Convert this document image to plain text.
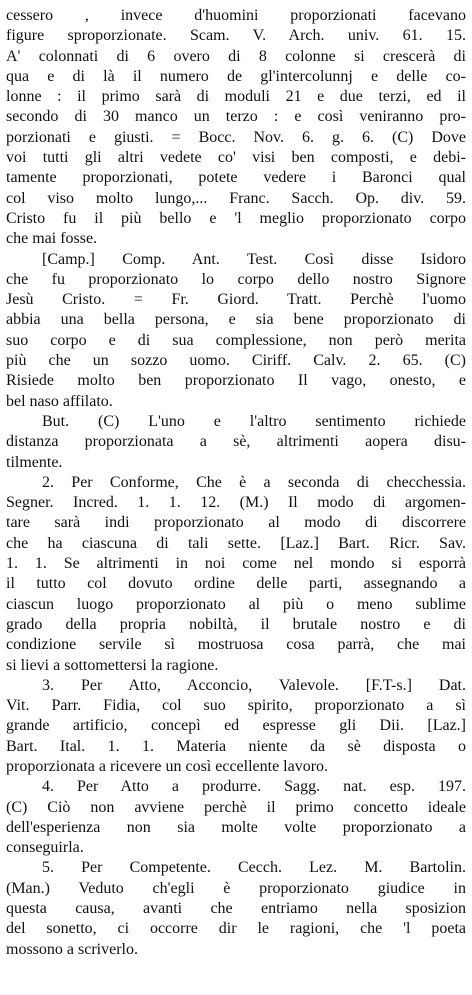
cessero , invece d'huomini proporzionati facevano
figure sproporzionate. Scam. V. Arch. univ. 61. 15.
A' colonnati di 6 overo di 8 colonne si crescerà di
qua e di là il numero de gl'intercolunnj e delle co-
lonne : il primo sarà di moduli 21 e due terzi, ed il
secondo di 30 manco un terzo : e così veniranno pro-
porzionati e giusti. = Bocc. Nov. 6. g. 6. (C) Dove
voi tutti gli altri vedete co' visi ben composti, e debi-
tamente proporzionati, potete vedere i Baronci qual
col viso molto lungo,... Franc. Sacch. Op. div. 59.
Cristo fu il più bello e 'l meglio proporzionato corpo
che mai fosse.
[Camp.] Comp. Ant. Test. Così disse Isidoro
che fu proporzionato lo corpo dello nostro Signore
Jesù Cristo. = Fr. Giord. Tratt. Perchè l'uomo
abbia una bella persona, e sia bene proporzionato di
suo corpo e di sua complessione, non però merita
più che un sozzo uomo. Ciriff. Calv. 2. 65. (C)
Risiede molto ben proporzionato Il vago, onesto, e
bel naso affilato.
But. (C) L'uno e l'altro sentimento richiede
distanza proporzionata a sè, altrimenti aopera disu-
tilmente.
2. Per Conforme, Che è a seconda di checchessia.
Segner. Incred. 1. 1. 12. (M.) Il modo di argomen-
tare sarà indi proporzionato al modo di discorrere
che ha ciascuna di tali sette. [Laz.] Bart. Ricr. Sav.
1. 1. Se altrimenti in noi come nel mondo si esporrà
il tutto col dovuto ordine delle parti, assegnando a
ciascun luogo proporzionato al più o meno sublime
grado della propria nobiltà, il brutale nostro e di
condizione servile sì mostruosa cosa parrà, che mai
si lievi a sottomettersi la ragione.
3. Per Atto, Acconcio, Valevole. [F.T-s.] Dat.
Vit. Parr. Fidia, col suo spirito, proporzionato a sì
grande artificio, concepì ed espresse gli Dii. [Laz.]
Bart. Ital. 1. 1. Materia niente da sè disposta o
proporzionata a ricevere un così eccellente lavoro.
4. Per Atto a produrre. Sagg. nat. esp. 197.
(C) Ciò non avviene perchè il primo concetto ideale
dell'esperienza non sia molte volte proporzionato a
conseguirla.
5. Per Competente. Cecch. Lez. M. Bartolin.
(Man.) Veduto ch'egli è proporzionato giudice in
questa causa, avanti che entriamo nella sposizion
del sonetto, ci occorre dir le ragioni, che 'l poeta
mossono a scriverlo.
